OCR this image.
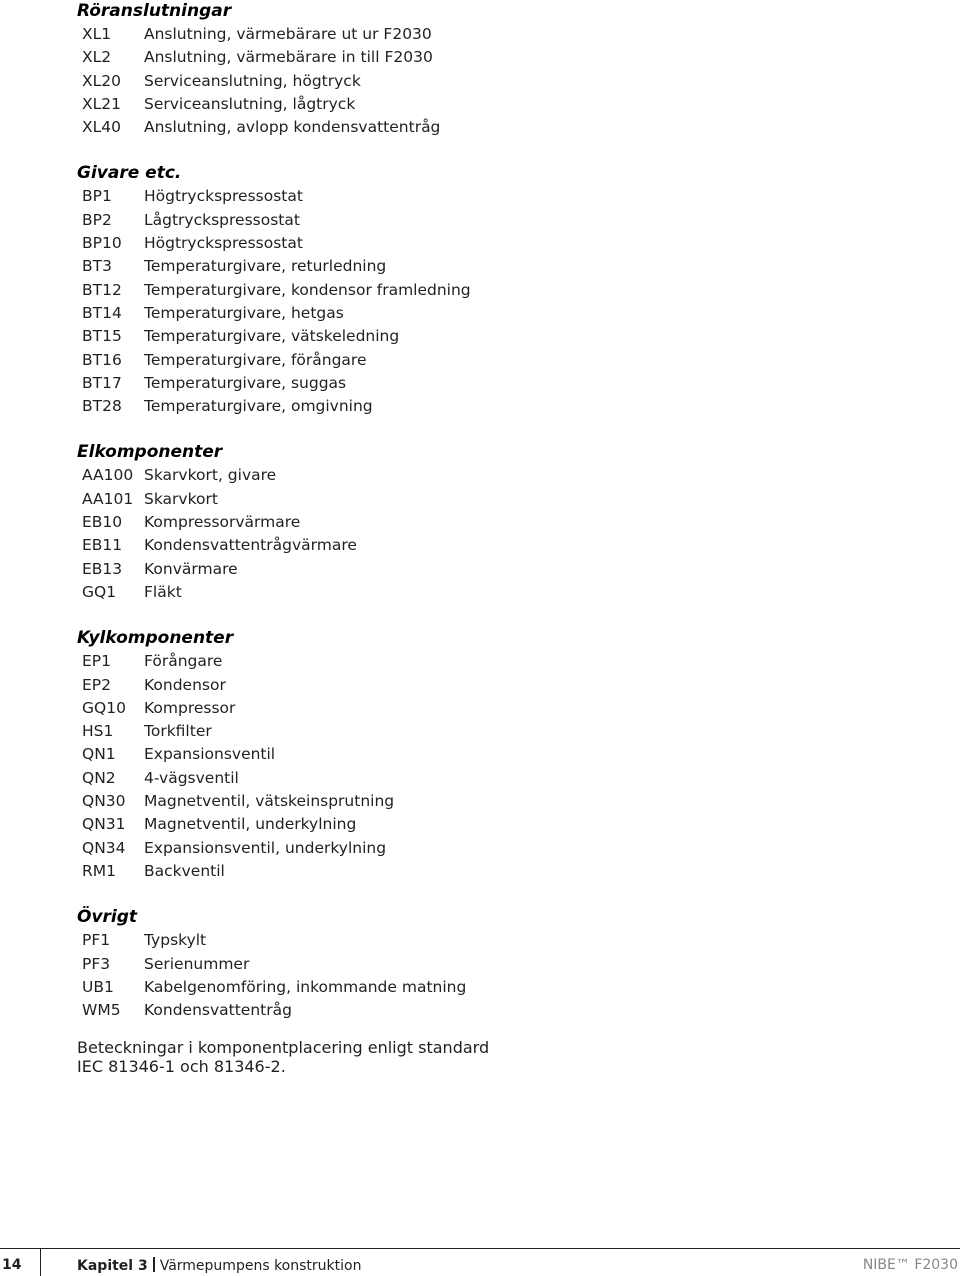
Röranslutningar
XL1	Anslutning, värmebärare ut ur F2030
XL2	Anslutning, värmebärare in till F2030
XL20	Serviceanslutning, högtryck
XL21	Serviceanslutning, lågtryck
XL40	Anslutning, avlopp kondensvattentråg
Givare etc.
BP1	Högtryckspressostat
BP2	Lågtryckspressostat
BP10	Högtryckspressostat
BT3	Temperaturgivare, returledning
BT12	Temperaturgivare, kondensor framledning
BT14	Temperaturgivare, hetgas
BT15	Temperaturgivare, vätskeledning
BT16	Temperaturgivare, förångare
BT17	Temperaturgivare, suggas
BT28	Temperaturgivare, omgivning
Elkomponenter
AA100 Skarvkort, givare
AA101 Skarvkort
EB10	Kompressorvärmare
EB11	Kondensvattentrågvärmare
EB13	Konvärmare
GQ1	Fläkt
Kylkomponenter
EP1	Förångare
EP2	Kondensor
GQ10	Kompressor
HS1	Torkfilter
QN1	Expansionsventil
QN2	4-vägsventil
QN30	Magnetventil, vätskeinsprutning
QN31	Magnetventil, underkylning
QN34	Expansionsventil, underkylning
RM1	Backventil
Övrigt
PF1	Typskylt
PF3	Serienummer
UB1	Kabelgenomföring, inkommande matning
WM5	Kondensvattentråg
Beteckningar i komponentplacering enligt standard
IEC 81346-1 och 81346-2.
14	Kapitel 3 Värmepumpens konstruktion	NIBE™ F2030
